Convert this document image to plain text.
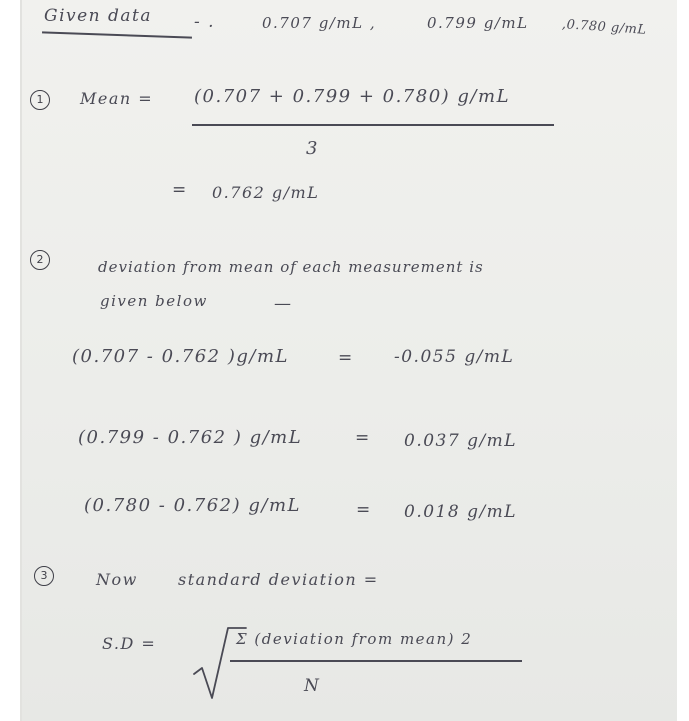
Given data - .	0.707 g/mL ,	0.799 g/mL	,0.780 g/mL
1	Mean = (0.707 + 0.799 + 0.780) g/mL
3
= 0.762 g/mL
2	deviation from mean of each measurement is
given below	—
(0.707 - 0.762 )g/mL	= -0.055 g/mL
(0.799 - 0.762 ) g/mL	= 0.037 g/mL
(0.780 - 0.762) g/mL	= 0.018 g/mL
3	Now	standard deviation =
S.D =	Σ (deviation from mean) 2
N
